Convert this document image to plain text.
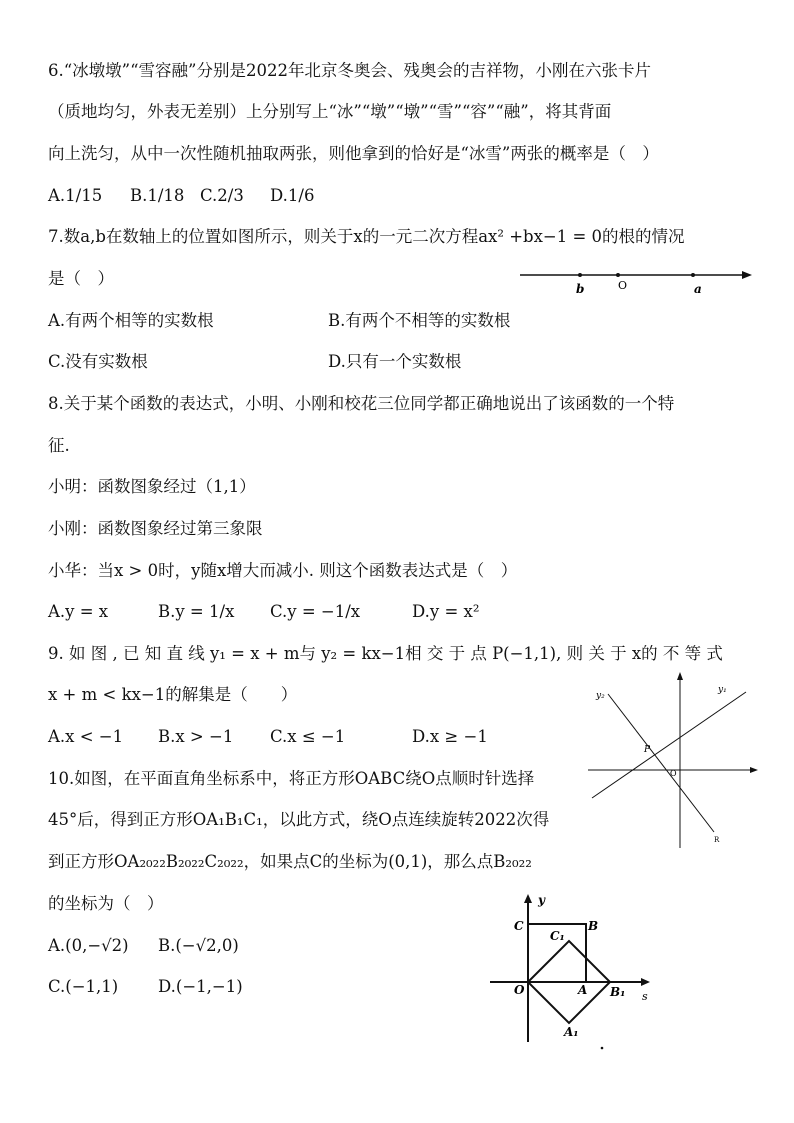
6.“冰墩墩”“雪容融”分别是2022年北京冬奥会、残奥会的吉祥物，小刚在六张卡片
（质地均匀，外表无差别）上分别写上“冰”“墩”“墩”“雪”“容”“融”，将其背面
向上洗匀，从中一次性随机抽取两张，则他拿到的恰好是“冰雪”两张的概率是（　）
A.1/15 B.1/18 C.2/3 D.1/6
7.数a,b在数轴上的位置如图所示，则关于x的一元二次方程ax² +bx−1 = 0的根的情况
是（　）
b	O	a
A.有两个相等的实数根	B.有两个不相等的实数根
C.没有实数根	D.只有一个实数根
8.关于某个函数的表达式，小明、小刚和校花三位同学都正确地说出了该函数的一个特
征.
小明：函数图象经过（1,1）
小刚：函数图象经过第三象限
小华：当x > 0时，y随x增大而减小. 则这个函数表达式是（　）
A.y = x	B.y = 1/x C.y = −1/x	D.y = x²
9. 如 图 , 已 知 直 线 y₁ = x + m与 y₂ = kx−1相 交 于 点 P(−1,1), 则 关 于 x的 不 等 式
x + m < kx−1的解集是（　　）	y₂
y₁
P
O
R
A.x < −1 B.x > −1 C.x ≤ −1	D.x ≥ −1
10.如图，在平面直角坐标系中，将正方形OABC绕O点顺时针选择
45°后，得到正方形OA₁B₁C₁，以此方式，绕O点连续旋转2022次得
到正方形OA₂₀₂₂B₂₀₂₂C₂₀₂₂，如果点C的坐标为(0,1)，那么点B₂₀₂₂
的坐标为（　）	y
C	B
C₁
O	A B₁ s
A₁
A.(0,−√2) B.(−√2,0)
C.(−1,1) D.(−1,−1)
